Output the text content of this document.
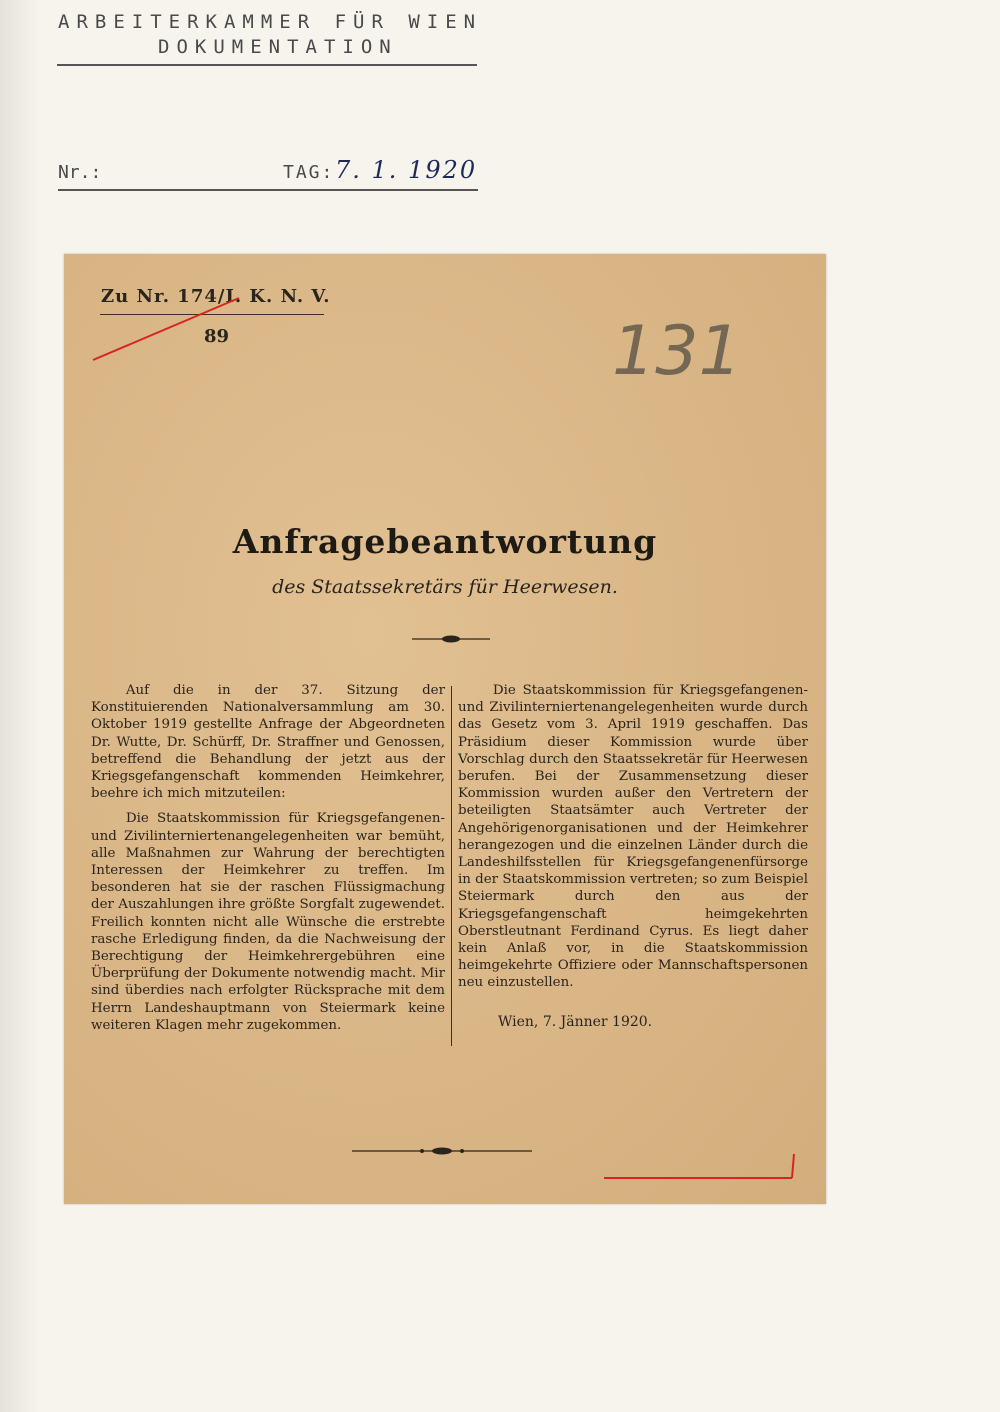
ARBEITERKAMMER FÜR WIEN
DOKUMENTATION
Nr.:	TAG: 7. 1. 1920
Zu Nr. 174/I. K. N. V.
89	131
Anfragebeantwortung
des Staatssekretärs für Heerwesen.

Auf die in der 37. Sitzung der Konstituierenden Nationalversammlung am 30. Oktober 1919 gestellte Anfrage der Abgeordneten Dr. Wutte, Dr. Schürff, Dr. Straffner und Genossen, betreffend die Behandlung der jetzt aus der Kriegsgefangenschaft kommenden Heimkehrer, beehre ich mich mitzuteilen:

Die Staatskommission für Kriegsgefangenen- und Zivilinterniertenangelegenheiten war bemüht, alle Maßnahmen zur Wahrung der berechtigten Interessen der Heimkehrer zu treffen. Im besonderen hat sie der raschen Flüssigmachung der Auszahlungen ihre größte Sorgfalt zugewendet. Freilich konnten nicht alle Wünsche die erstrebte rasche Erledigung finden, da die Nachweisung der Berechtigung der Heimkehrergebühren eine Überprüfung der Dokumente notwendig macht. Mir sind überdies nach erfolgter Rücksprache mit dem Herrn Landeshauptmann von Steiermark keine weiteren Klagen mehr zugekommen.

Die Staatskommission für Kriegsgefangenen- und Zivilinterniertenangelegenheiten wurde durch das Gesetz vom 3. April 1919 geschaffen. Das Präsidium dieser Kommission wurde über Vorschlag durch den Staatssekretär für Heerwesen berufen. Bei der Zusammensetzung dieser Kommission wurden außer den Vertretern der beteiligten Staatsämter auch Vertreter der Angehörigenorganisationen und der Heimkehrer herangezogen und die einzelnen Länder durch die Landeshilfsstellen für Kriegsgefangenenfürsorge in der Staatskommission vertreten; so zum Beispiel Steiermark durch den aus der Kriegsgefangenschaft heimgekehrten Oberstleutnant Ferdinand Cyrus. Es liegt daher kein Anlaß vor, in die Staatskommission heimgekehrte Offiziere oder Mannschaftspersonen neu einzustellen.

Wien, 7. Jänner 1920.
